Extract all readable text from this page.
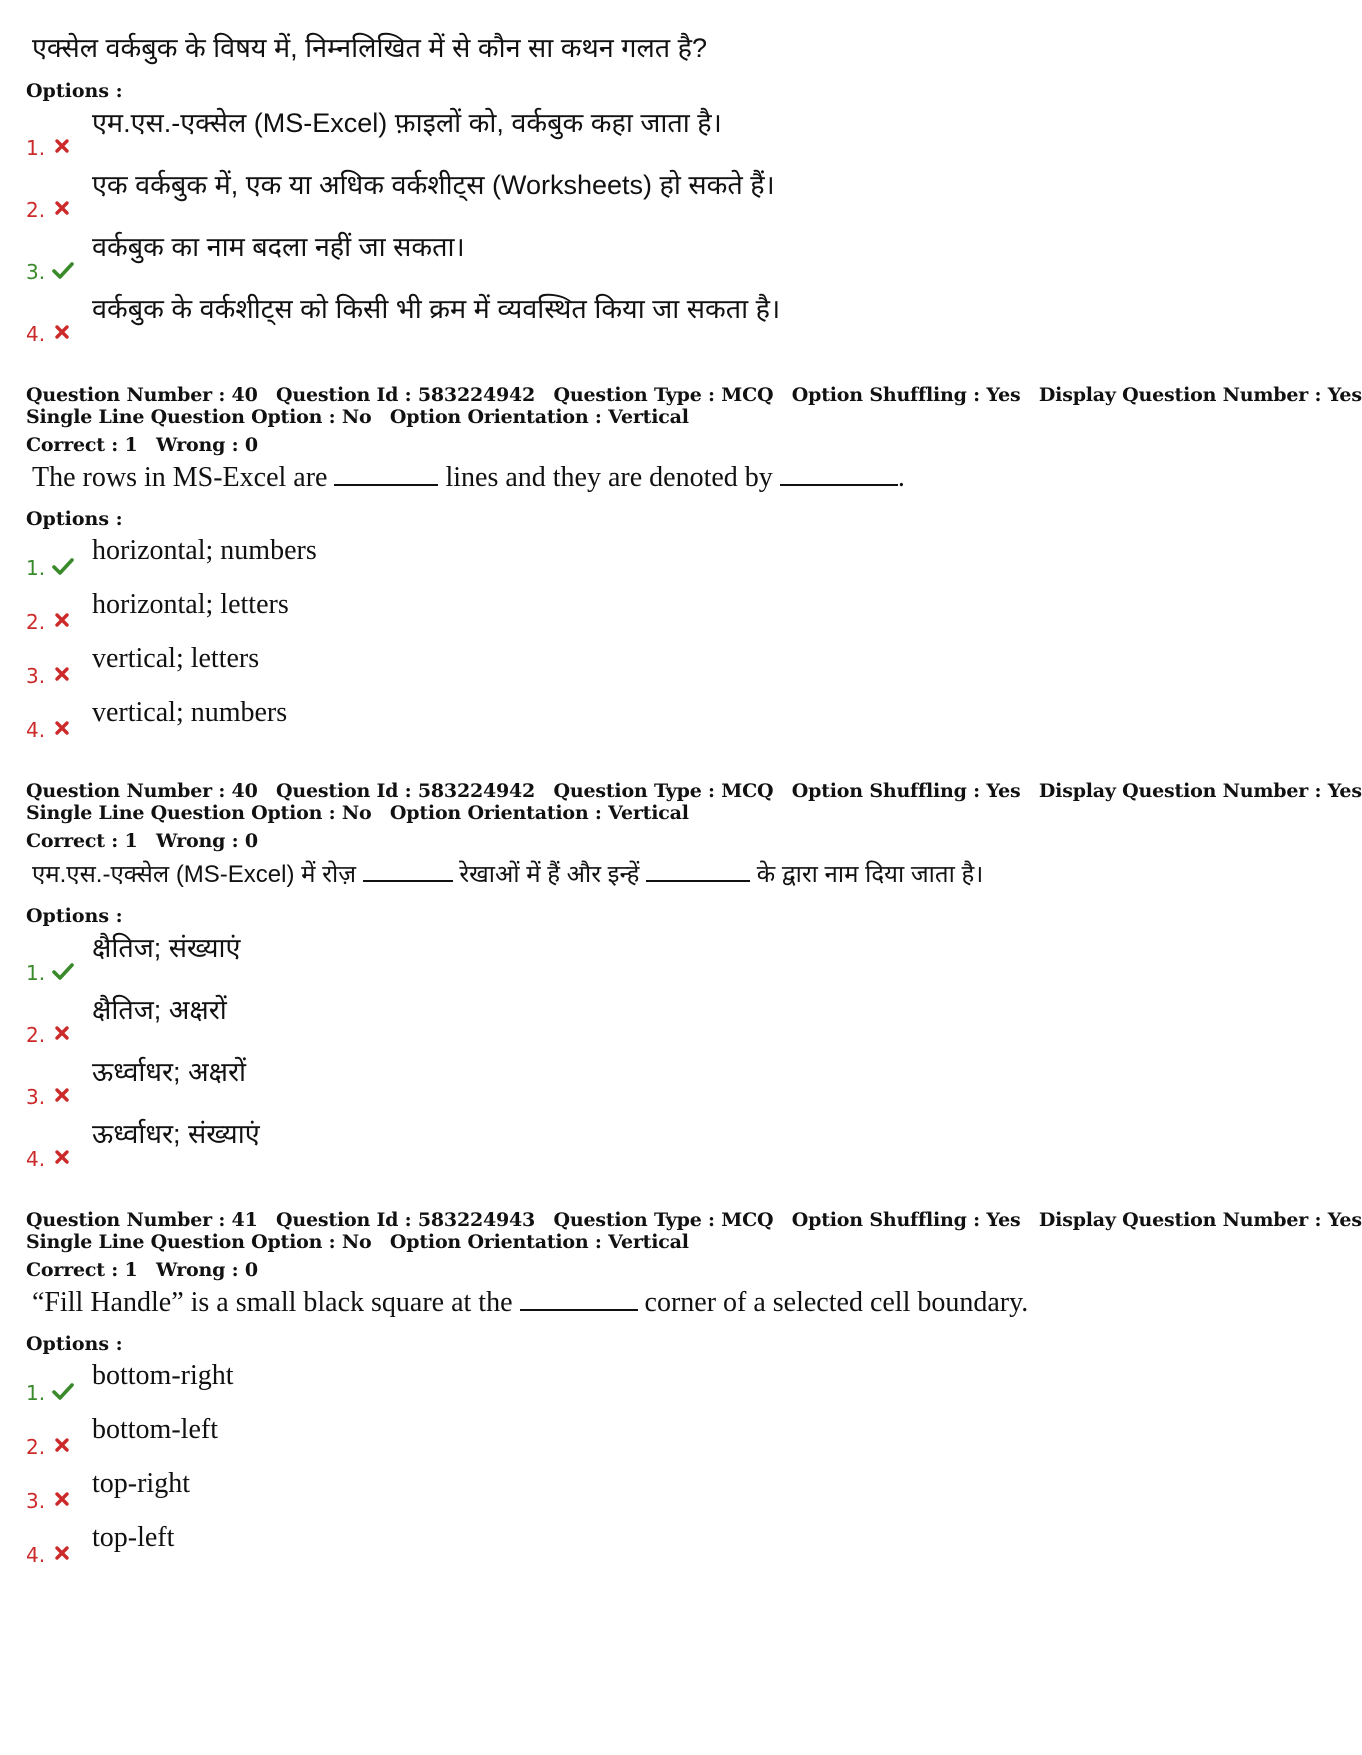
एक्सेल वर्कबुक के विषय में, निम्नलिखित में से कौन सा कथन गलत है?
Options :
1.
एम.एस.-एक्सेल (MS-Excel) फ़ाइलों को, वर्कबुक कहा जाता है।
2.
एक वर्कबुक में, एक या अधिक वर्कशीट्स (Worksheets) हो सकते हैं।
3.
वर्कबुक का नाम बदला नहीं जा सकता।
4.
वर्कबुक के वर्कशीट्स को किसी भी क्रम में व्यवस्थित किया जा सकता है।
Question Number : 40 Question Id : 583224942 Question Type : MCQ Option Shuffling : Yes Display Question Number : Yes
Single Line Question Option : No Option Orientation : Vertical
Correct : 1 Wrong : 0
The rows in MS-Excel are	lines and they are denoted by	.
Options :
1.
horizontal; numbers
2.
horizontal; letters
3.
vertical; letters
4.
vertical; numbers
Question Number : 40 Question Id : 583224942 Question Type : MCQ Option Shuffling : Yes Display Question Number : Yes
Single Line Question Option : No Option Orientation : Vertical
Correct : 1 Wrong : 0
एम.एस.-एक्सेल (MS-Excel) में रोज़	रेखाओं में हैं और इन्हें	के द्वारा नाम दिया जाता है।
Options :
1.
क्षैतिज; संख्याएं
2.
क्षैतिज; अक्षरों
3.
ऊर्ध्वाधर; अक्षरों
4.
ऊर्ध्वाधर; संख्याएं
Question Number : 41 Question Id : 583224943 Question Type : MCQ Option Shuffling : Yes Display Question Number : Yes
Single Line Question Option : No Option Orientation : Vertical
Correct : 1 Wrong : 0
“Fill Handle” is a small black square at the	corner of a selected cell boundary.
Options :
1.
bottom-right
2.
bottom-left
3.
top-right
4.
top-left
